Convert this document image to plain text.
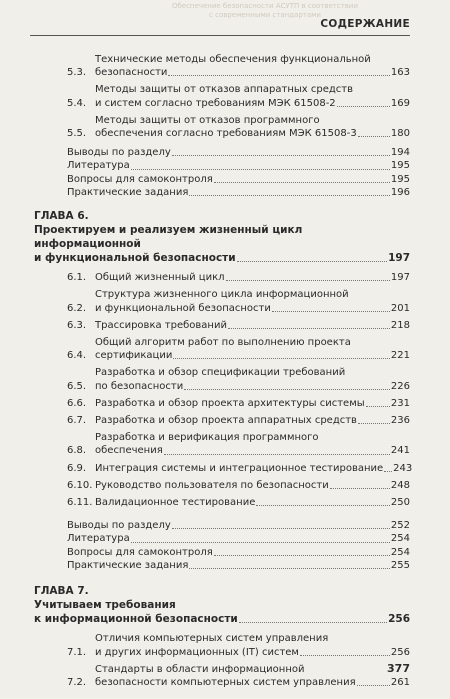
Обеспечение безопасности АСУТП в соответствии
с современными стандартами
СОДЕРЖАНИЕ
5.3.
Технические методы обеспечения функциональной
безопасности	163
5.4.
Методы защиты от отказов аппаратных средств
и систем согласно требованиям МЭК 61508-2	169
5.5.
Методы защиты от отказов программного
обеспечения согласно требованиям МЭК 61508-3	180
Выводы по разделу	194
Литература	195
Вопросы для самоконтроля	195
Практические задания	196
ГЛАВА 6.
Проектируем и реализуем жизненный цикл информационной
и функциональной безопасности	197
6.1. Общий жизненный цикл	197
6.2.
Структура жизненного цикла информационной
и функциональной безопасности	201
6.3. Трассировка требований	218
6.4.
Общий алгоритм работ по выполнению проекта
сертификации	221
6.5.
Разработка и обзор спецификации требований
по безопасности	226
6.6. Разработка и обзор проекта архитектуры системы	231
6.7. Разработка и обзор проекта аппаратных средств	236
6.8.
Разработка и верификация программного
обеспечения	241
6.9. Интеграция системы и интеграционное тестирование 243
6.10. Руководство пользователя по безопасности	248
6.11. Валидационное тестирование	250
Выводы по разделу	252
Литература	254
Вопросы для самоконтроля	254
Практические задания	255
ГЛАВА 7.
Учитываем требования
к информационной безопасности	256
7.1.
Отличия компьютерных систем управления
и других информационных (IT) систем	256
7.2.
Стандарты в области информационной
безопасности компьютерных систем управления	261
377
